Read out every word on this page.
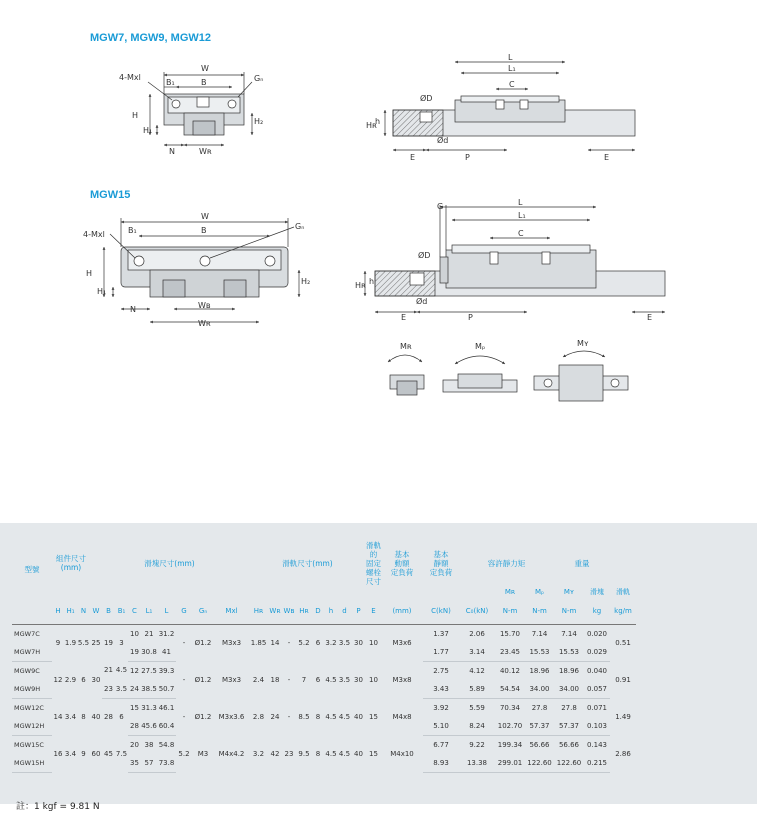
MGW7, MGW9, MGW12
MGW15
W
B₁	B	Gₙ
4-Mxl
H
H₁
H₂
N	Wʀ
L
L₁
C
ØD
h
Hʀ
Ød
E	P	E
W
B₁	B	Gₙ
4-Mxl
H
H₁
H₂
N	Wʙ
Wʀ
G	L
L₁
C
ØD
h
Hʀ
Ød
E	P	E
Mʀ	Mₚ	Mʏ
型號	組件尺寸
(mm)			滑塊尺寸(mm)									滑軌尺寸(mm)								滑軌的
固定螺栓
尺寸	基本
動額
定負荷	基本
靜額
定負荷	容許靜力矩			重量		
																									Mʀ	Mₚ	Mʏ	滑塊	滑軌
	H	H₁	N	W	B	B₁	C	L₁	L	G	Gₙ	Mxl	Hʀ	Wʀ	Wʙ	Hʀ	D	h	d	P	E	(mm)	C(kN)	C₀(kN)	N-m	N-m	N-m	kg	kg/m
MGW7C	9	1.9	5.5	25	19	3	10	21	31.2	-	Ø1.2	M3x3	1.85	14	-	5.2	6	3.2	3.5	30	10	M3x6	1.37	2.06	15.70	7.14	7.14	0.020	0.51
MGW7H							19	30.8	41														1.77	3.14	23.45	15.53	15.53	0.029	
MGW9C	12	2.9	6	30	21	4.5	12	27.5	39.3	-	Ø1.2	M3x3	2.4	18	-	7	6	4.5	3.5	30	10	M3x8	2.75	4.12	40.12	18.96	18.96	0.040	0.91
MGW9H					23	3.5	24	38.5	50.7														3.43	5.89	54.54	34.00	34.00	0.057	
MGW12C	14	3.4	8	40	28	6	15	31.3	46.1	-	Ø1.2	M3x3.6	2.8	24	-	8.5	8	4.5	4.5	40	15	M4x8	3.92	5.59	70.34	27.8	27.8	0.071	1.49
MGW12H							28	45.6	60.4														5.10	8.24	102.70	57.37	57.37	0.103	
MGW15C	16	3.4	9	60	45	7.5	20	38	54.8	5.2	M3	M4x4.2	3.2	42	23	9.5	8	4.5	4.5	40	15	M4x10	6.77	9.22	199.34	56.66	56.66	0.143	2.86
MGW15H							35	57	73.8														8.93	13.38	299.01	122.60	122.60	0.215	
註：1 kgf = 9.81 N
